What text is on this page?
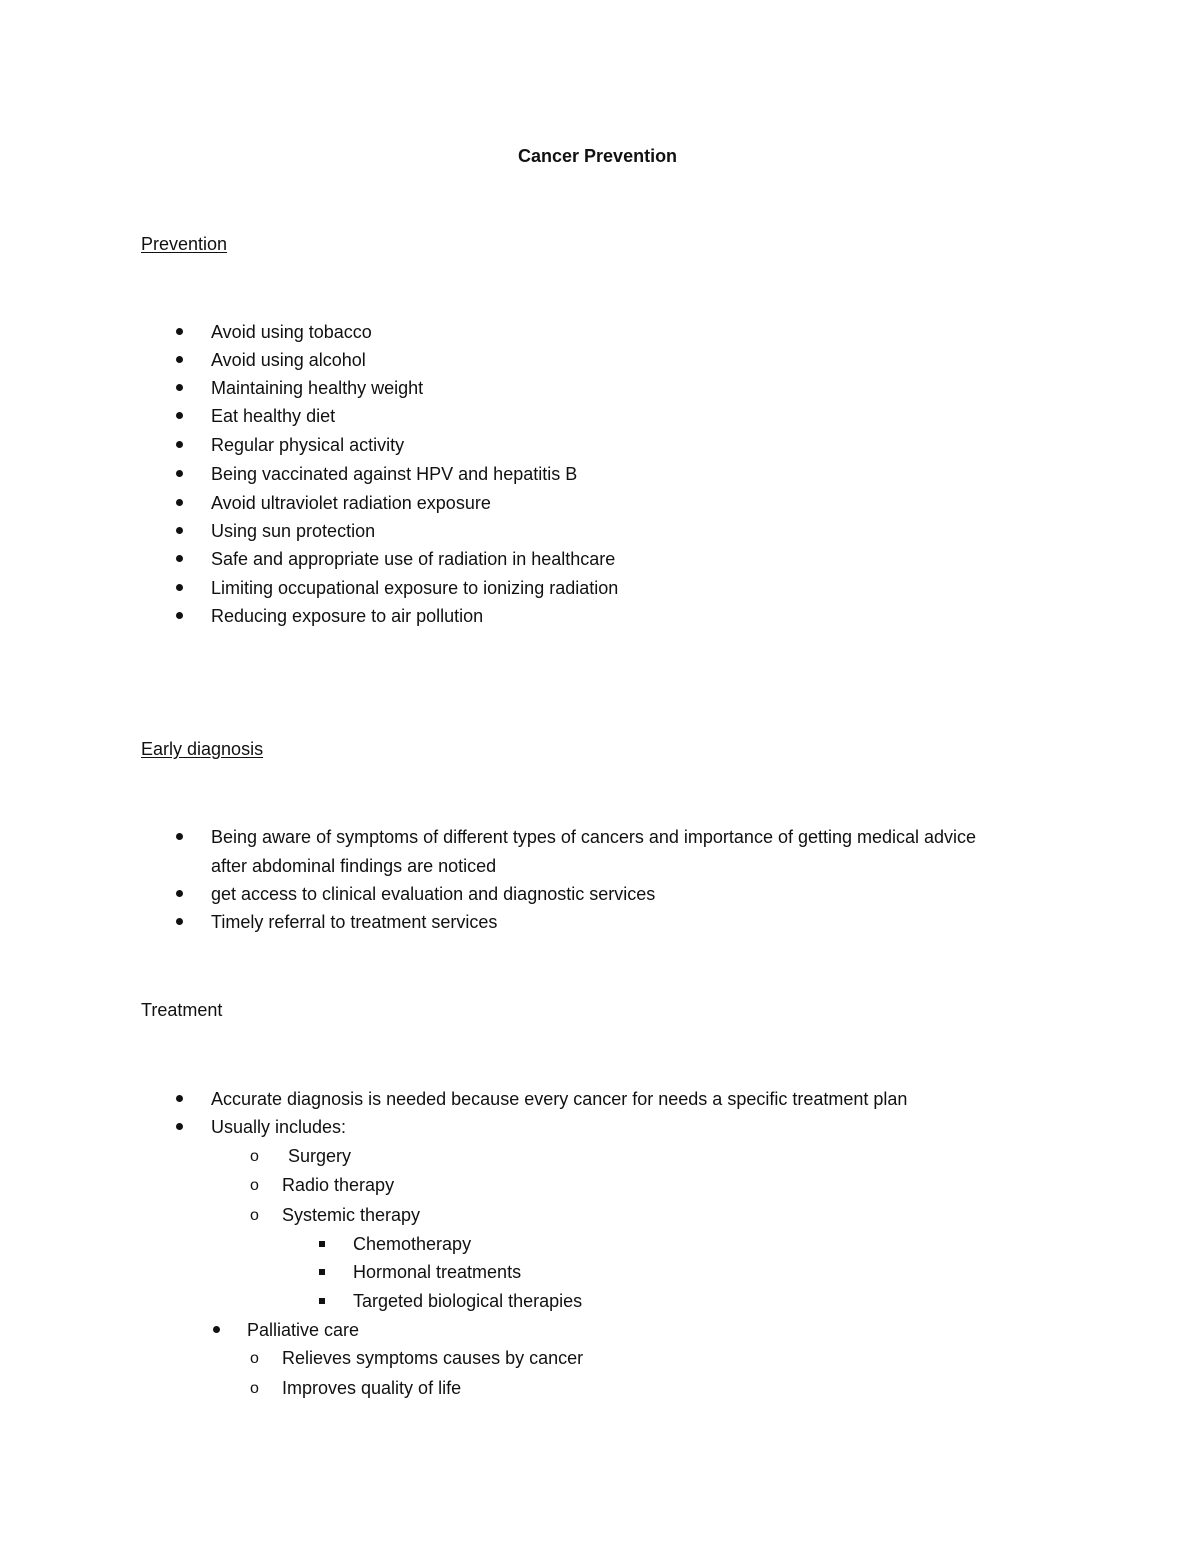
Cancer Prevention
Prevention
Avoid using tobacco
Avoid using alcohol
Maintaining healthy weight
Eat healthy diet
Regular physical activity
Being vaccinated against HPV and hepatitis B
Avoid ultraviolet radiation exposure
Using sun protection
Safe and appropriate use of radiation in healthcare
Limiting occupational exposure to ionizing radiation
Reducing exposure to air pollution
Early diagnosis
Being aware of symptoms of different types of cancers and importance of getting medical advice
after abdominal findings are noticed
get access to clinical evaluation and diagnostic services
Timely referral to treatment services
Treatment
Accurate diagnosis is needed because every cancer for needs a specific treatment plan
Usually includes:
o Surgery
o Radio therapy
o Systemic therapy
Chemotherapy
Hormonal treatments
Targeted biological therapies
Palliative care
o Relieves symptoms causes by cancer
o Improves quality of life
